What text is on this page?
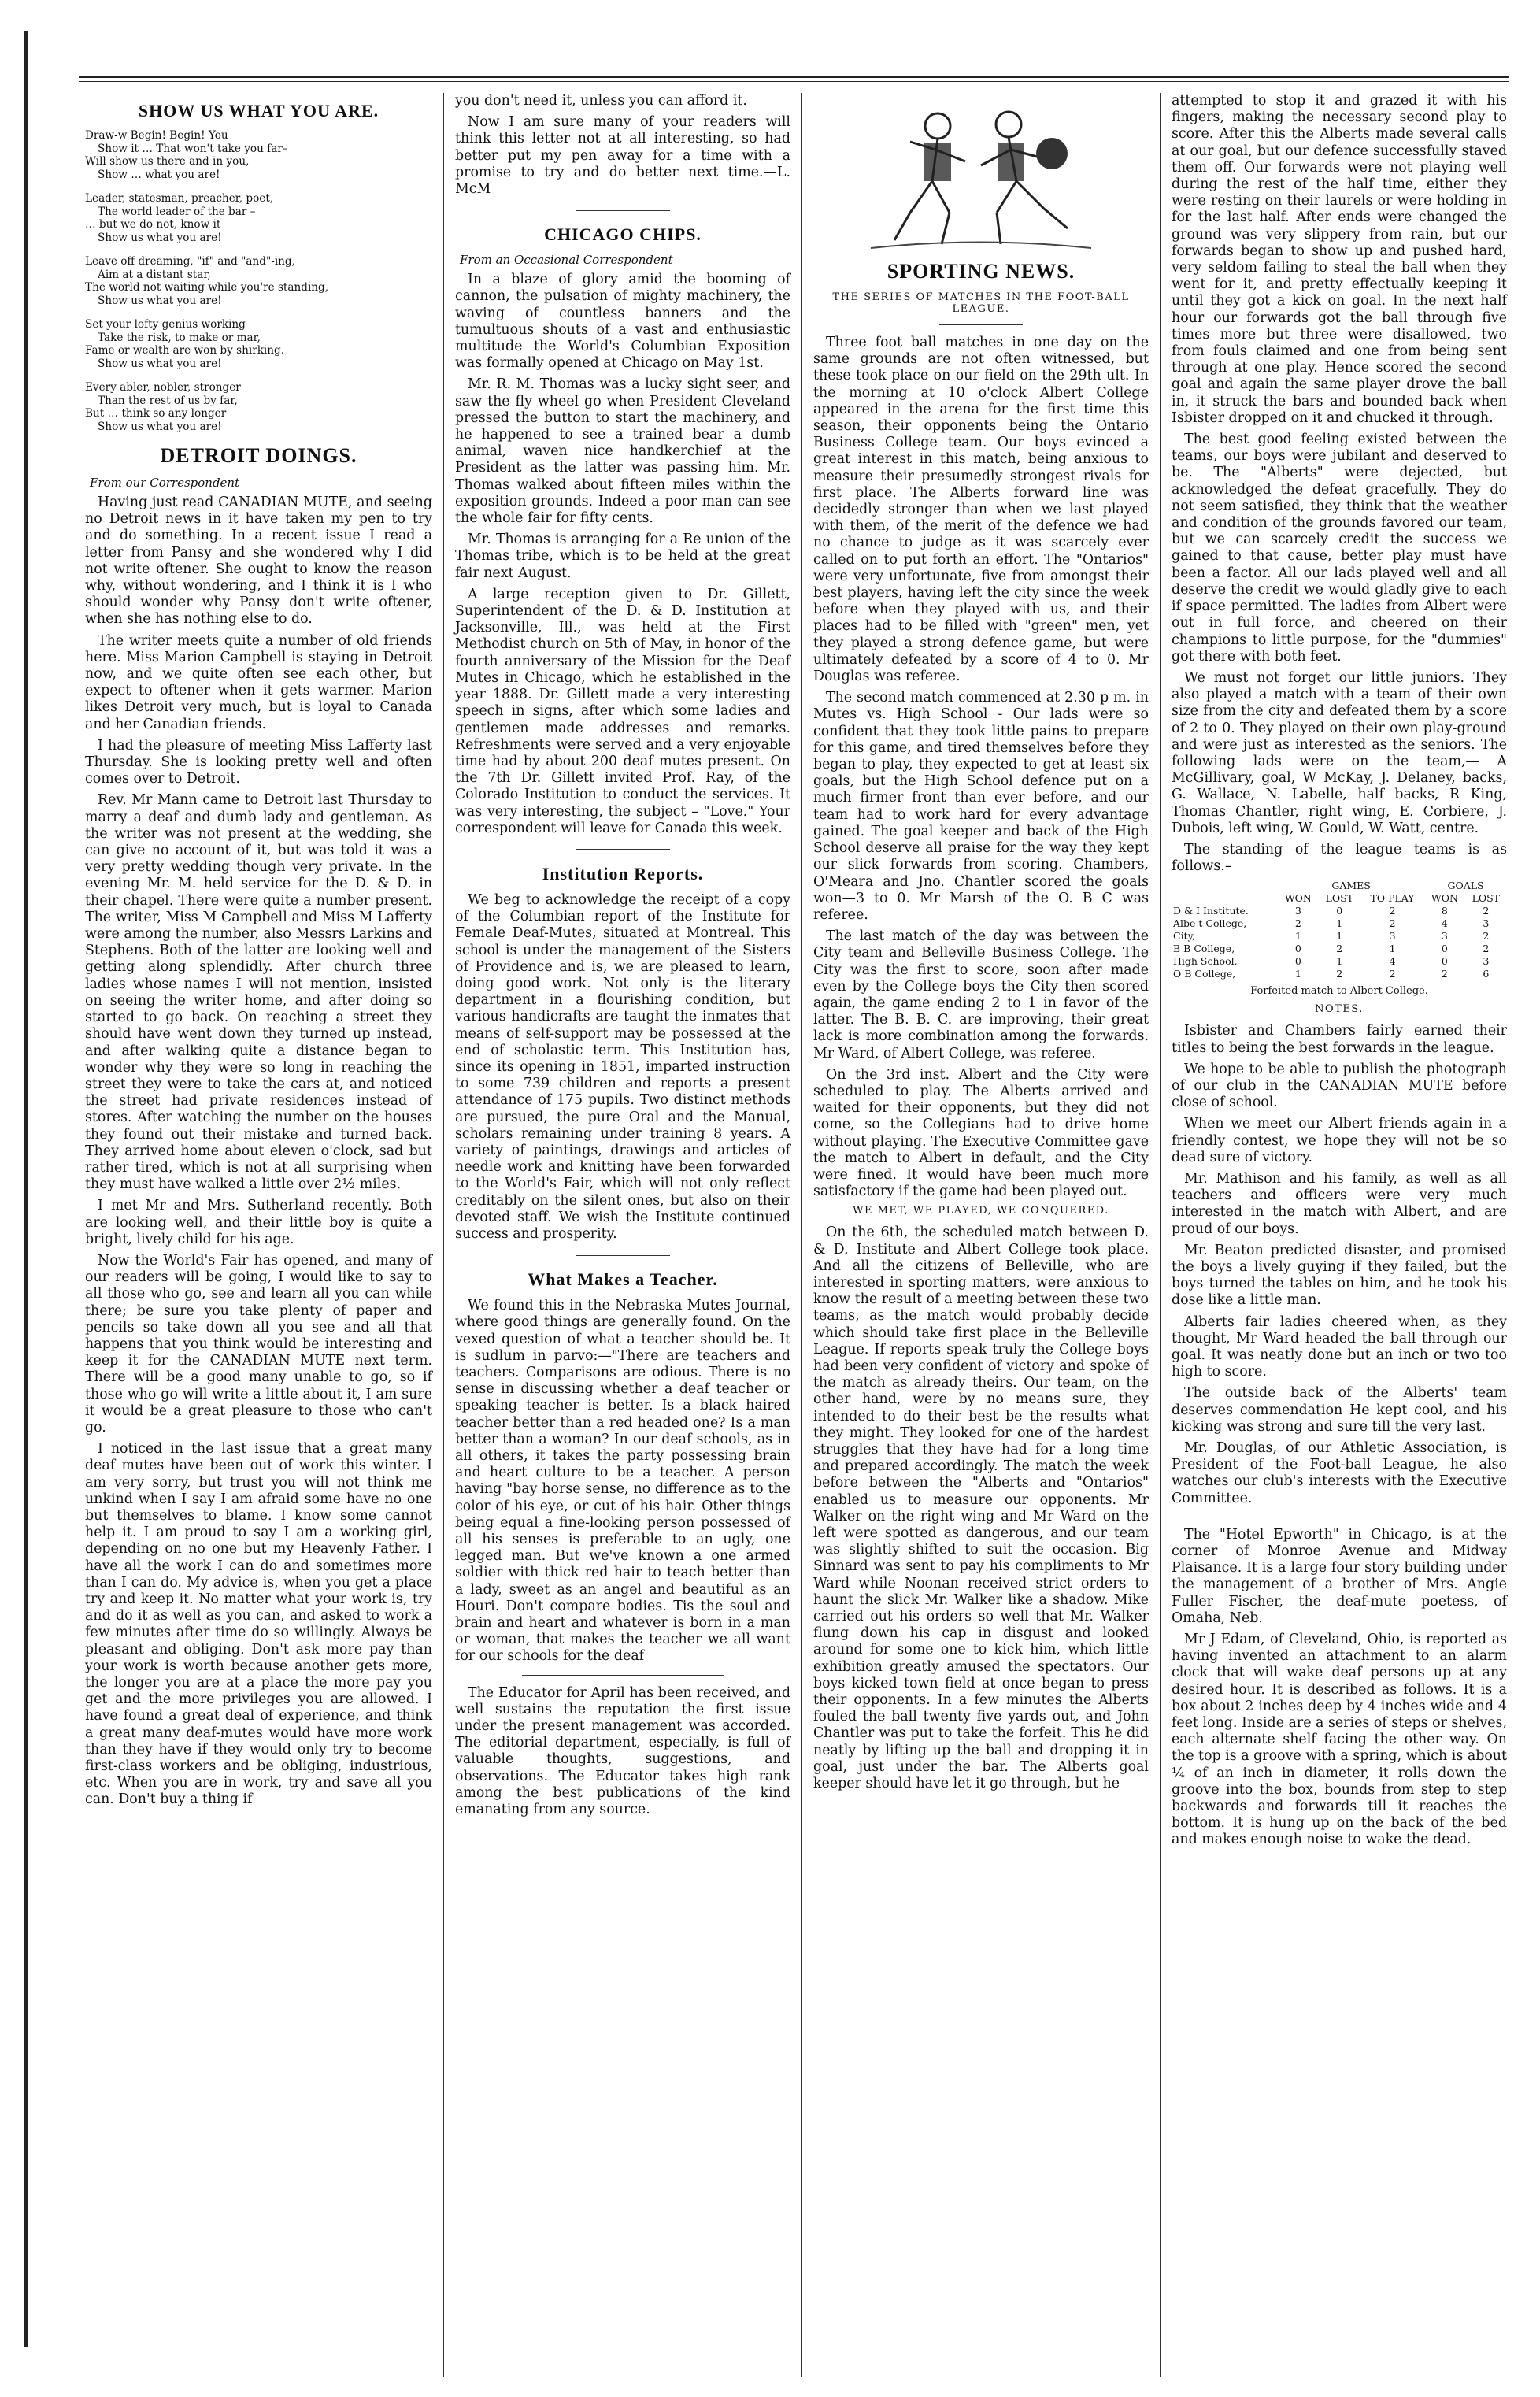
SHOW US WHAT YOU ARE.
Draw-w Begin! Begin! You
Show it … That won't take you far–
Will show us there and in you,
Show … what you are!
Leader, statesman, preacher, poet,
The world leader of the bar –
… but we do not, know it
Show us what you are!
Leave off dreaming, "if" and "and"-ing,
Aim at a distant star,
The world not waiting while you're standing,
Show us what you are!
Set your lofty genius working
Take the risk, to make or mar,
Fame or wealth are won by shirking.
Show us what you are!
Every abler, nobler, stronger
Than the rest of us by far,
But … think so any longer
Show us what you are!
DETROIT DOINGS.
From our Correspondent

Having just read CANADIAN MUTE, and seeing no Detroit news in it have taken my pen to try and do something. In a recent issue I read a letter from Pansy and she wondered why I did not write oftener. She ought to know the reason why, without wondering, and I think it is I who should wonder why Pansy don't write oftener, when she has nothing else to do.

The writer meets quite a number of old friends here. Miss Marion Campbell is staying in Detroit now, and we quite often see each other, but expect to oftener when it gets warmer. Marion likes Detroit very much, but is loyal to Canada and her Canadian friends.

I had the pleasure of meeting Miss Lafferty last Thursday. She is looking pretty well and often comes over to Detroit.

Rev. Mr Mann came to Detroit last Thursday to marry a deaf and dumb lady and gentleman. As the writer was not present at the wedding, she can give no account of it, but was told it was a very pretty wedding though very private. In the evening Mr. M. held service for the D. & D. in their chapel. There were quite a number present. The writer, Miss M Campbell and Miss M Lafferty were among the number, also Messrs Larkins and Stephens. Both of the latter are looking well and getting along splendidly. After church three ladies whose names I will not mention, insisted on seeing the writer home, and after doing so started to go back. On reaching a street they should have went down they turned up instead, and after walking quite a distance began to wonder why they were so long in reaching the street they were to take the cars at, and noticed the street had private residences instead of stores. After watching the number on the houses they found out their mistake and turned back. They arrived home about eleven o'clock, sad but rather tired, which is not at all surprising when they must have walked a little over 2½ miles.

I met Mr and Mrs. Sutherland recently. Both are looking well, and their little boy is quite a bright, lively child for his age.

Now the World's Fair has opened, and many of our readers will be going, I would like to say to all those who go, see and learn all you can while there; be sure you take plenty of paper and pencils so take down all you see and all that happens that you think would be interesting and keep it for the CANADIAN MUTE next term. There will be a good many unable to go, so if those who go will write a little about it, I am sure it would be a great pleasure to those who can't go.

I noticed in the last issue that a great many deaf mutes have been out of work this winter. I am very sorry, but trust you will not think me unkind when I say I am afraid some have no one but themselves to blame. I know some cannot help it. I am proud to say I am a working girl, depending on no one but my Heavenly Father. I have all the work I can do and sometimes more than I can do. My advice is, when you get a place try and keep it. No matter what your work is, try and do it as well as you can, and asked to work a few minutes after time do so willingly. Always be pleasant and obliging. Don't ask more pay than your work is worth because another gets more, the longer you are at a place the more pay you get and the more privileges you are allowed. I have found a great deal of experience, and think a great many deaf-mutes would have more work than they have if they would only try to become first-class workers and be obliging, industrious, etc. When you are in work, try and save all you can. Don't buy a thing if

you don't need it, unless you can afford it.

Now I am sure many of your readers will think this letter not at all interesting, so had better put my pen away for a time with a promise to try and do better next time.—L. McM

CHICAGO CHIPS.
From an Occasional Correspondent

In a blaze of glory amid the booming of cannon, the pulsation of mighty machinery, the waving of countless banners and the tumultuous shouts of a vast and enthusiastic multitude the World's Columbian Exposition was formally opened at Chicago on May 1st.

Mr. R. M. Thomas was a lucky sight seer, and saw the fly wheel go when President Cleveland pressed the button to start the machinery, and he happened to see a trained bear a dumb animal, waven nice handkerchief at the President as the latter was passing him. Mr. Thomas walked about fifteen miles within the exposition grounds. Indeed a poor man can see the whole fair for fifty cents.

Mr. Thomas is arranging for a Re union of the Thomas tribe, which is to be held at the great fair next August.

A large reception given to Dr. Gillett, Superintendent of the D. & D. Institution at Jacksonville, Ill., was held at the First Methodist church on 5th of May, in honor of the fourth anniversary of the Mission for the Deaf Mutes in Chicago, which he established in the year 1888. Dr. Gillett made a very interesting speech in signs, after which some ladies and gentlemen made addresses and remarks. Refreshments were served and a very enjoyable time had by about 200 deaf mutes present. On the 7th Dr. Gillett invited Prof. Ray, of the Colorado Institution to conduct the services. It was very interesting, the subject – "Love." Your correspondent will leave for Canada this week.

Institution Reports.

We beg to acknowledge the receipt of a copy of the Columbian report of the Institute for Female Deaf-Mutes, situated at Montreal. This school is under the management of the Sisters of Providence and is, we are pleased to learn, doing good work. Not only is the literary department in a flourishing condition, but various handicrafts are taught the inmates that means of self-support may be possessed at the end of scholastic term. This Institution has, since its opening in 1851, imparted instruction to some 739 children and reports a present attendance of 175 pupils. Two distinct methods are pursued, the pure Oral and the Manual, scholars remaining under training 8 years. A variety of paintings, drawings and articles of needle work and knitting have been forwarded to the World's Fair, which will not only reflect creditably on the silent ones, but also on their devoted staff. We wish the Institute continued success and prosperity.

What Makes a Teacher.

We found this in the Nebraska Mutes Journal, where good things are generally found. On the vexed question of what a teacher should be. It is sudlum in parvo:—"There are teachers and teachers. Comparisons are odious. There is no sense in discussing whether a deaf teacher or speaking teacher is better. Is a black haired teacher better than a red headed one? Is a man better than a woman? In our deaf schools, as in all others, it takes the party possessing brain and heart culture to be a teacher. A person having "bay horse sense, no difference as to the color of his eye, or cut of his hair. Other things being equal a fine-looking person possessed of all his senses is preferable to an ugly, one legged man. But we've known a one armed soldier with thick red hair to teach better than a lady, sweet as an angel and beautiful as an Houri. Don't compare bodies. Tis the soul and brain and heart and whatever is born in a man or woman, that makes the teacher we all want for our schools for the deaf

The Educator for April has been received, and well sustains the reputation the first issue under the present management was accorded. The editorial department, especially, is full of valuable thoughts, suggestions, and observations. The Educator takes high rank among the best publications of the kind emanating from any source.

SPORTING NEWS.
THE SERIES OF MATCHES IN THE FOOT-BALL LEAGUE.

Three foot ball matches in one day on the same grounds are not often witnessed, but these took place on our field on the 29th ult. In the morning at 10 o'clock Albert College appeared in the arena for the first time this season, their opponents being the Ontario Business College team. Our boys evinced a great interest in this match, being anxious to measure their presumedly strongest rivals for first place. The Alberts forward line was decidedly stronger than when we last played with them, of the merit of the defence we had no chance to judge as it was scarcely ever called on to put forth an effort. The "Ontarios" were very unfortunate, five from amongst their best players, having left the city since the week before when they played with us, and their places had to be filled with "green" men, yet they played a strong defence game, but were ultimately defeated by a score of 4 to 0. Mr Douglas was referee.

The second match commenced at 2.30 p m. in Mutes vs. High School - Our lads were so confident that they took little pains to prepare for this game, and tired themselves before they began to play, they expected to get at least six goals, but the High School defence put on a much firmer front than ever before, and our team had to work hard for every advantage gained. The goal keeper and back of the High School deserve all praise for the way they kept our slick forwards from scoring. Chambers, O'Meara and Jno. Chantler scored the goals won—3 to 0. Mr Marsh of the O. B C was referee.

The last match of the day was between the City team and Belleville Business College. The City was the first to score, soon after made even by the College boys the City then scored again, the game ending 2 to 1 in favor of the latter. The B. B. C. are improving, their great lack is more combination among the forwards. Mr Ward, of Albert College, was referee.

On the 3rd inst. Albert and the City were scheduled to play. The Alberts arrived and waited for their opponents, but they did not come, so the Collegians had to drive home without playing. The Executive Committee gave the match to Albert in default, and the City were fined. It would have been much more satisfactory if the game had been played out.

WE MET, WE PLAYED, WE CONQUERED.

On the 6th, the scheduled match between D. & D. Institute and Albert College took place. And all the citizens of Belleville, who are interested in sporting matters, were anxious to know the result of a meeting between these two teams, as the match would probably decide which should take first place in the Belleville League. If reports speak truly the College boys had been very confident of victory and spoke of the match as already theirs. Our team, on the other hand, were by no means sure, they intended to do their best be the results what they might. They looked for one of the hardest struggles that they have had for a long time and prepared accordingly. The match the week before between the "Alberts and "Ontarios" enabled us to measure our opponents. Mr Walker on the right wing and Mr Ward on the left were spotted as dangerous, and our team was slightly shifted to suit the occasion. Big Sinnard was sent to pay his compliments to Mr Ward while Noonan received strict orders to haunt the slick Mr. Walker like a shadow. Mike carried out his orders so well that Mr. Walker flung down his cap in disgust and looked around for some one to kick him, which little exhibition greatly amused the spectators. Our boys kicked town field at once began to press their opponents. In a few minutes the Alberts fouled the ball twenty five yards out, and John Chantler was put to take the forfeit. This he did neatly by lifting up the ball and dropping it in goal, just under the bar. The Alberts goal keeper should have let it go through, but he

attempted to stop it and grazed it with his fingers, making the necessary second play to score. After this the Alberts made several calls at our goal, but our defence successfully staved them off. Our forwards were not playing well during the rest of the half time, either they were resting on their laurels or were holding in for the last half. After ends were changed the ground was very slippery from rain, but our forwards began to show up and pushed hard, very seldom failing to steal the ball when they went for it, and pretty effectually keeping it until they got a kick on goal. In the next half hour our forwards got the ball through five times more but three were disallowed, two from fouls claimed and one from being sent through at one play. Hence scored the second goal and again the same player drove the ball in, it struck the bars and bounded back when Isbister dropped on it and chucked it through.

The best good feeling existed between the teams, our boys were jubilant and deserved to be. The "Alberts" were dejected, but acknowledged the defeat gracefully. They do not seem satisfied, they think that the weather and condition of the grounds favored our team, but we can scarcely credit the success we gained to that cause, better play must have been a factor. All our lads played well and all deserve the credit we would gladly give to each if space permitted. The ladies from Albert were out in full force, and cheered on their champions to little purpose, for the "dummies" got there with both feet.

We must not forget our little juniors. They also played a match with a team of their own size from the city and defeated them by a score of 2 to 0. They played on their own play-ground and were just as interested as the seniors. The following lads were on the team,— A McGillivary, goal, W McKay, J. Delaney, backs, G. Wallace, N. Labelle, half backs, R King, Thomas Chantler, right wing, E. Corbiere, J. Dubois, left wing, W. Gould, W. Watt, centre.

The standing of the league teams is as follows.–

	GAMES			GOALS	
	WON	LOST	TO PLAY	WON	LOST
D & I Institute.	3	0	2	8	2
Albe t College,	2	1	2	4	3
City,	1	1	3	3	2
B B College,	0	2	1	0	2
High School,	0	1	4	0	3
O B College,	1	2	2	2	6
Forfeited match to Albert College.
NOTES.

Isbister and Chambers fairly earned their titles to being the best forwards in the league.

We hope to be able to publish the photograph of our club in the CANADIAN MUTE before close of school.

When we meet our Albert friends again in a friendly contest, we hope they will not be so dead sure of victory.

Mr. Mathison and his family, as well as all teachers and officers were very much interested in the match with Albert, and are proud of our boys.

Mr. Beaton predicted disaster, and promised the boys a lively guying if they failed, but the boys turned the tables on him, and he took his dose like a little man.

Alberts fair ladies cheered when, as they thought, Mr Ward headed the ball through our goal. It was neatly done but an inch or two too high to score.

The outside back of the Alberts' team deserves commendation He kept cool, and his kicking was strong and sure till the very last.

Mr. Douglas, of our Athletic Association, is President of the Foot-ball League, he also watches our club's interests with the Executive Committee.

The "Hotel Epworth" in Chicago, is at the corner of Monroe Avenue and Midway Plaisance. It is a large four story building under the management of a brother of Mrs. Angie Fuller Fischer, the deaf-mute poetess, of Omaha, Neb.

Mr J Edam, of Cleveland, Ohio, is reported as having invented an attachment to an alarm clock that will wake deaf persons up at any desired hour. It is described as follows. It is a box about 2 inches deep by 4 inches wide and 4 feet long. Inside are a series of steps or shelves, each alternate shelf facing the other way. On the top is a groove with a spring, which is about ¼ of an inch in diameter, it rolls down the groove into the box, bounds from step to step backwards and forwards till it reaches the bottom. It is hung up on the back of the bed and makes enough noise to wake the dead.
